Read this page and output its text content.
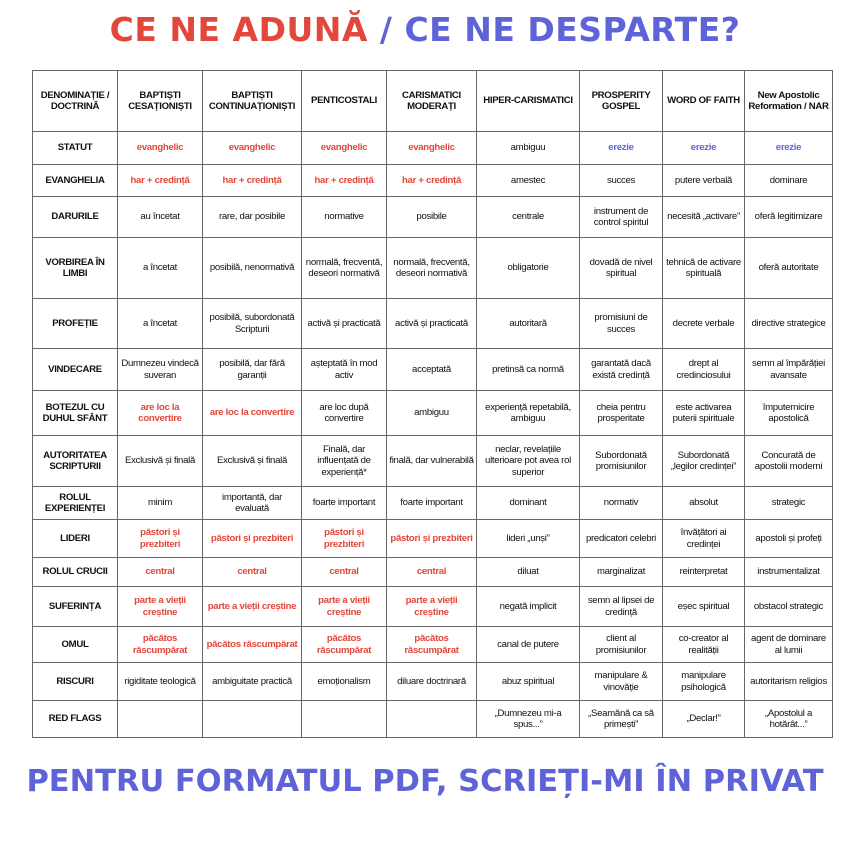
CE NE ADUNĂ / CE NE DESPARTE?
DENOMINAȚIE / DOCTRINĂ	BAPTIȘTI CESAȚIONIȘTI	BAPTIȘTI CONTINUAȚIONIȘTI	PENTICOSTALI	CARISMATICI MODERAȚI	HIPER-CARISMATICI	PROSPERITY GOSPEL	WORD OF FAITH	New Apostolic Reformation / NAR
STATUT	evanghelic	evanghelic	evanghelic	evanghelic	ambiguu	erezie	erezie	erezie
EVANGHELIA	har + credință	har + credință	har + credință	har + credință	amestec	succes	putere verbală	dominare
DARURILE	au încetat	rare, dar posibile	normative	posibile	centrale	instrument de control spiritul	necesită „activare”	oferă legitimizare
VORBIREA ÎN LIMBI	a încetat	posibilă, nenormativă	normală, frecventă, deseori normativă	normală, frecventă, deseori normativă	obligatorie	dovadă de nivel spiritual	tehnică de activare spirituală	oferă autoritate
PROFEȚIE	a încetat	posibilă, subordonată Scripturii	activă și practicată	activă și practicată	autoritară	promisiuni de succes	decrete verbale	directive strategice
VINDECARE	Dumnezeu vindecă suveran	posibilă, dar fără garanții	așteptată în mod activ	acceptată	pretinsă ca normă	garantată dacă există credință	drept al credinciosului	semn al împărăției avansate
BOTEZUL CU DUHUL SFÂNT	are loc la convertire	are loc la convertire	are loc după convertire	ambiguu	experiență repetabilă, ambiguu	cheia pentru prosperitate	este activarea puterii spirituale	împuternicire apostolică
AUTORITATEA SCRIPTURII	Exclusivă și finală	Exclusivă și finală	Finală, dar influențată de experiență*	finală, dar vulnerabilă	neclar, revelațiile ulterioare pot avea rol superior	Subordonată promisiunilor	Subordonată „legilor credinței”	Concurată de apostolii moderni
ROLUL EXPERIENȚEI	minim	importantă, dar evaluată	foarte important	foarte important	dominant	normativ	absolut	strategic
LIDERI	păstori și prezbiteri	păstori și prezbiteri	păstori și prezbiteri	păstori și prezbiteri	lideri „unși”	predicatori celebri	învățători ai credinței	apostoli și profeți
ROLUL CRUCII	central	central	central	central	diluat	marginalizat	reinterpretat	instrumentalizat
SUFERINȚA	parte a vieții creștine	parte a vieții creștine	parte a vieții creștine	parte a vieții creștine	negată implicit	semn al lipsei de credință	eșec spiritual	obstacol strategic
OMUL	păcătos răscumpărat	păcătos răscumpărat	păcătos răscumpărat	păcătos răscumpărat	canal de putere	client al promisiunilor	co-creator al realității	agent de dominare al lumii
RISCURI	rigiditate teologică	ambiguitate practică	emoționalism	diluare doctrinară	abuz spiritual	manipulare & vinovăție	manipulare psihologică	autoritarism religios
RED FLAGS					„Dumnezeu mi-a spus...”	„Seamănă ca să primești”	„Declar!”	„Apostolul a hotărât...”
PENTRU FORMATUL PDF, SCRIEȚI-MI ÎN PRIVAT
